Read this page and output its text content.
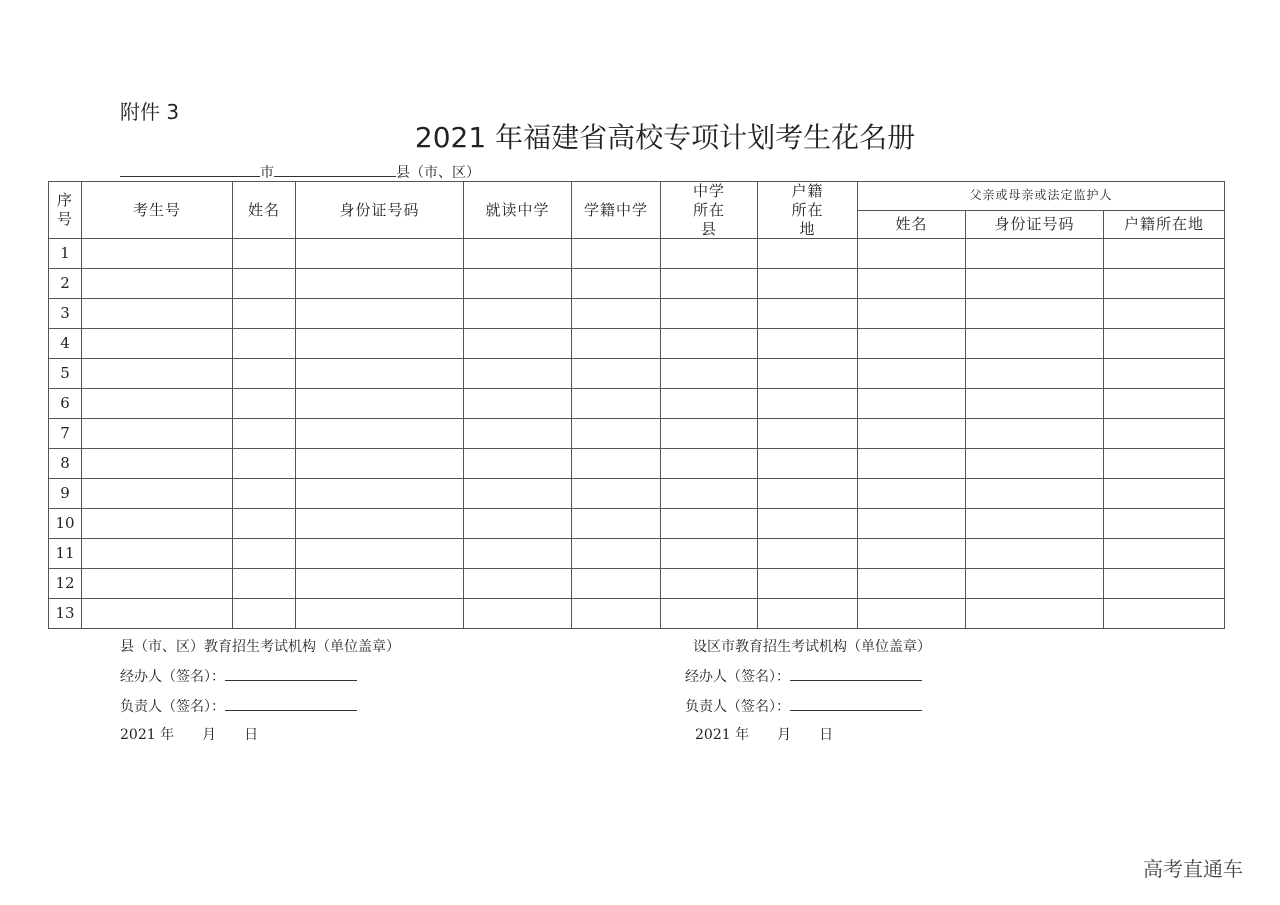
附件 3
2021 年福建省高校专项计划考生花名册
市	县（市、区）
序号	考生号	姓名	身份证号码	就读中学	学籍中学	中学所在县	户籍所在地	父亲或母亲或法定监护人		
								姓名	身份证号码	户籍所在地
1										
2										
3										
4										
5										
6										
7										
8										
9										
10										
11										
12										
13										
县（市、区）教育招生考试机构（单位盖章）
经办人（签名）：
负责人（签名）：
2021 年　　月　　日
设区市教育招生考试机构（单位盖章）
经办人（签名）：
负责人（签名）：
2021 年　　月　　日
高考直通车
